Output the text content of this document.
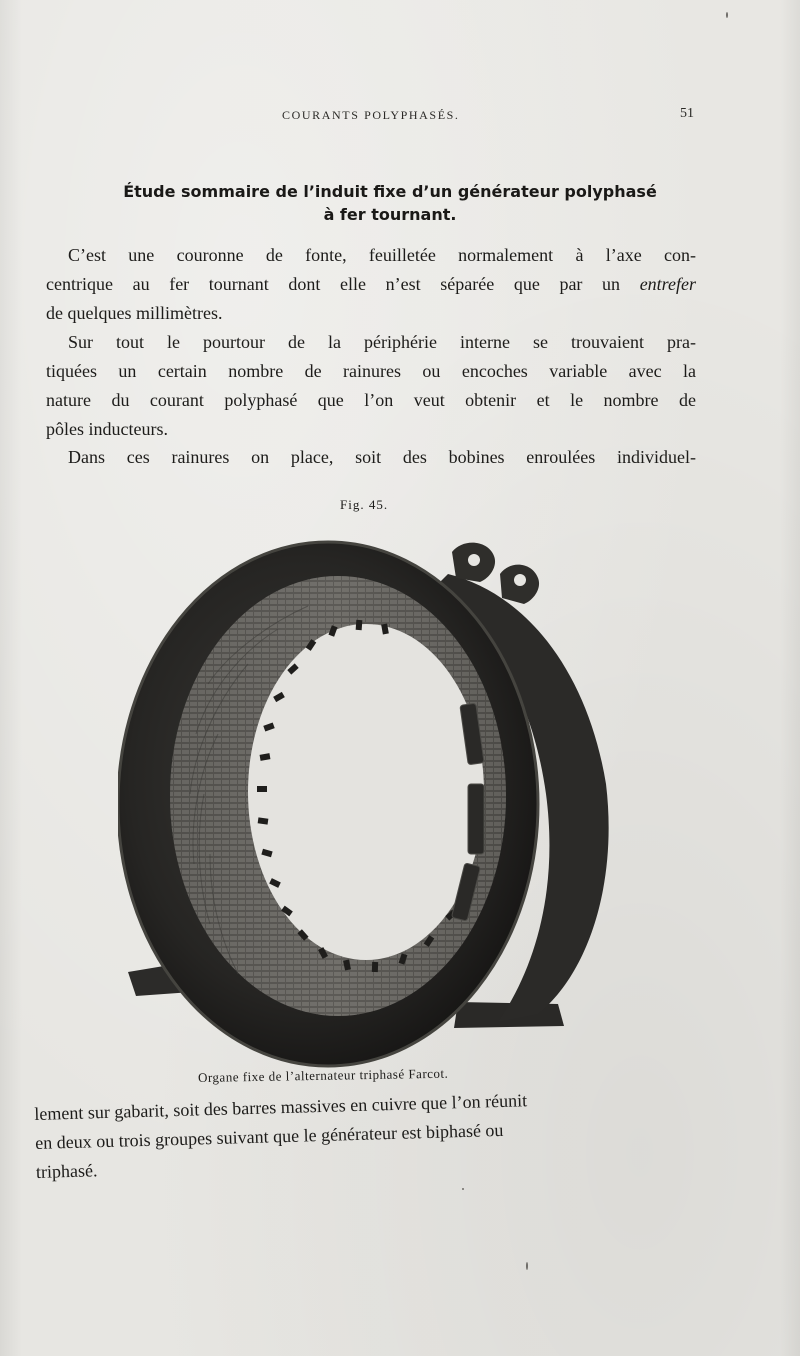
COURANTS POLYPHASÉS.	51
Étude sommaire de l’induit fixe d’un générateur polyphasé
à fer tournant.

C’est une couronne de fonte, feuilletée normalement à l’axe con-
centrique au fer tournant dont elle n’est séparée que par un entrefer
de quelques millimètres.

Sur tout le pourtour de la périphérie interne se trouvaient pra-
tiquées un certain nombre de rainures ou encoches variable avec la
nature du courant polyphasé que l’on veut obtenir et le nombre de
pôles inducteurs.

Dans ces rainures on place, soit des bobines enroulées individuel-

Fig. 45.
Organe fixe de l’alternateur triphasé Farcot.
lement sur gabarit, soit des barres massives en cuivre que l’on réunit
en deux ou trois groupes suivant que le générateur est biphasé ou
triphasé.
